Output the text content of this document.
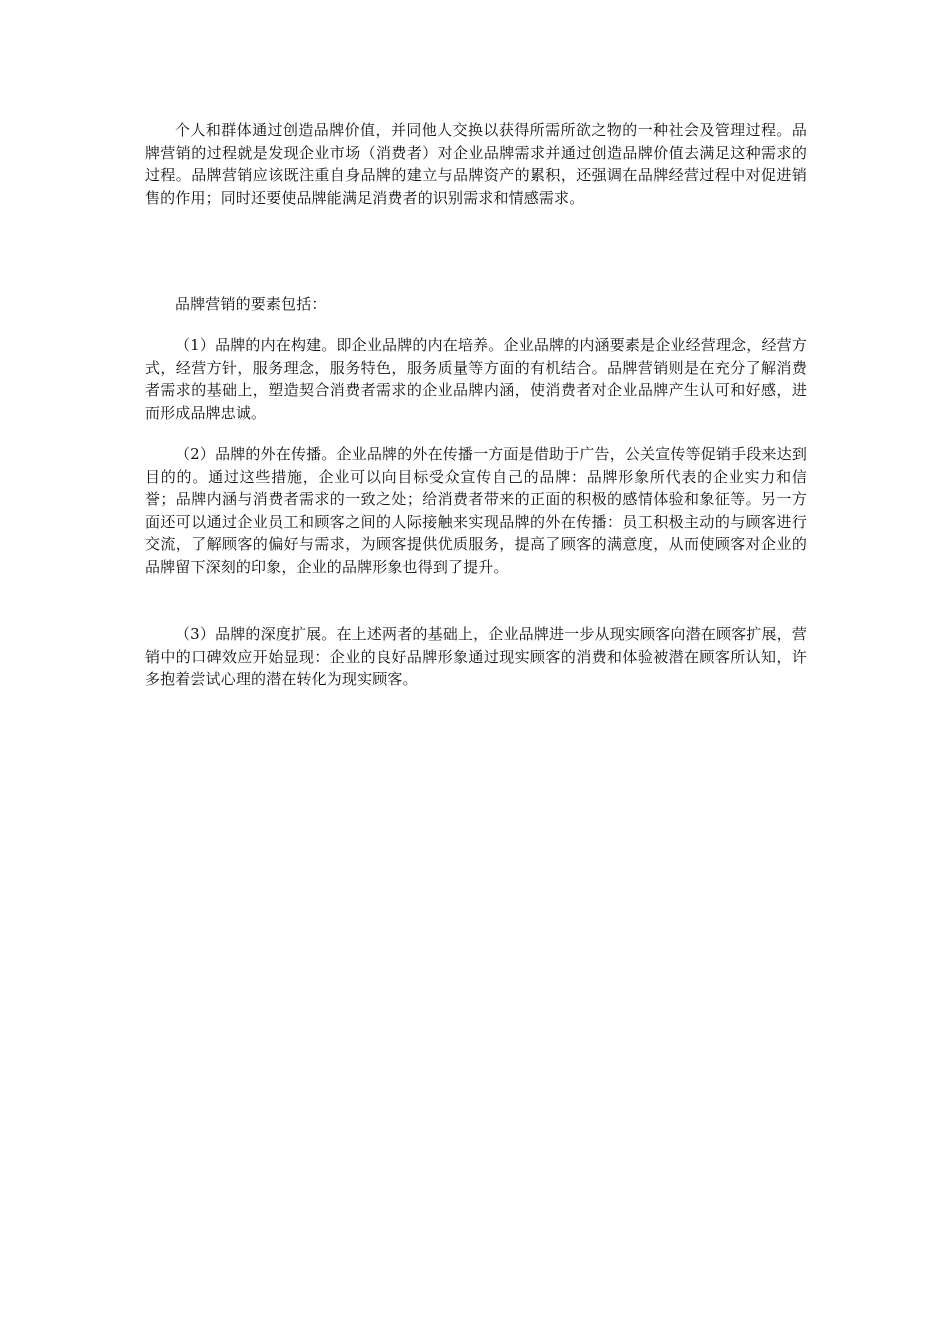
个人和群体通过创造品牌价值，并同他人交换以获得所需所欲之物的一种社会及管理过程。品牌营销的过程就是发现企业市场（消费者）对企业品牌需求并通过创造品牌价值去满足这种需求的过程。品牌营销应该既注重自身品牌的建立与品牌资产的累积，还强调在品牌经营过程中对促进销售的作用；同时还要使品牌能满足消费者的识别需求和情感需求。

品牌营销的要素包括：

（1）品牌的内在构建。即企业品牌的内在培养。企业品牌的内涵要素是企业经营理念，经营方式，经营方针，服务理念，服务特色，服务质量等方面的有机结合。品牌营销则是在充分了解消费者需求的基础上，塑造契合消费者需求的企业品牌内涵，使消费者对企业品牌产生认可和好感，进而形成品牌忠诚。

（2）品牌的外在传播。企业品牌的外在传播一方面是借助于广告，公关宣传等促销手段来达到目的的。通过这些措施，企业可以向目标受众宣传自己的品牌：品牌形象所代表的企业实力和信誉；品牌内涵与消费者需求的一致之处；给消费者带来的正面的积极的感情体验和象征等。另一方面还可以通过企业员工和顾客之间的人际接触来实现品牌的外在传播：员工积极主动的与顾客进行交流，了解顾客的偏好与需求，为顾客提供优质服务，提高了顾客的满意度，从而使顾客对企业的品牌留下深刻的印象，企业的品牌形象也得到了提升。

（3）品牌的深度扩展。在上述两者的基础上，企业品牌进一步从现实顾客向潜在顾客扩展，营销中的口碑效应开始显现：企业的良好品牌形象通过现实顾客的消费和体验被潜在顾客所认知，许多抱着尝试心理的潜在转化为现实顾客。
